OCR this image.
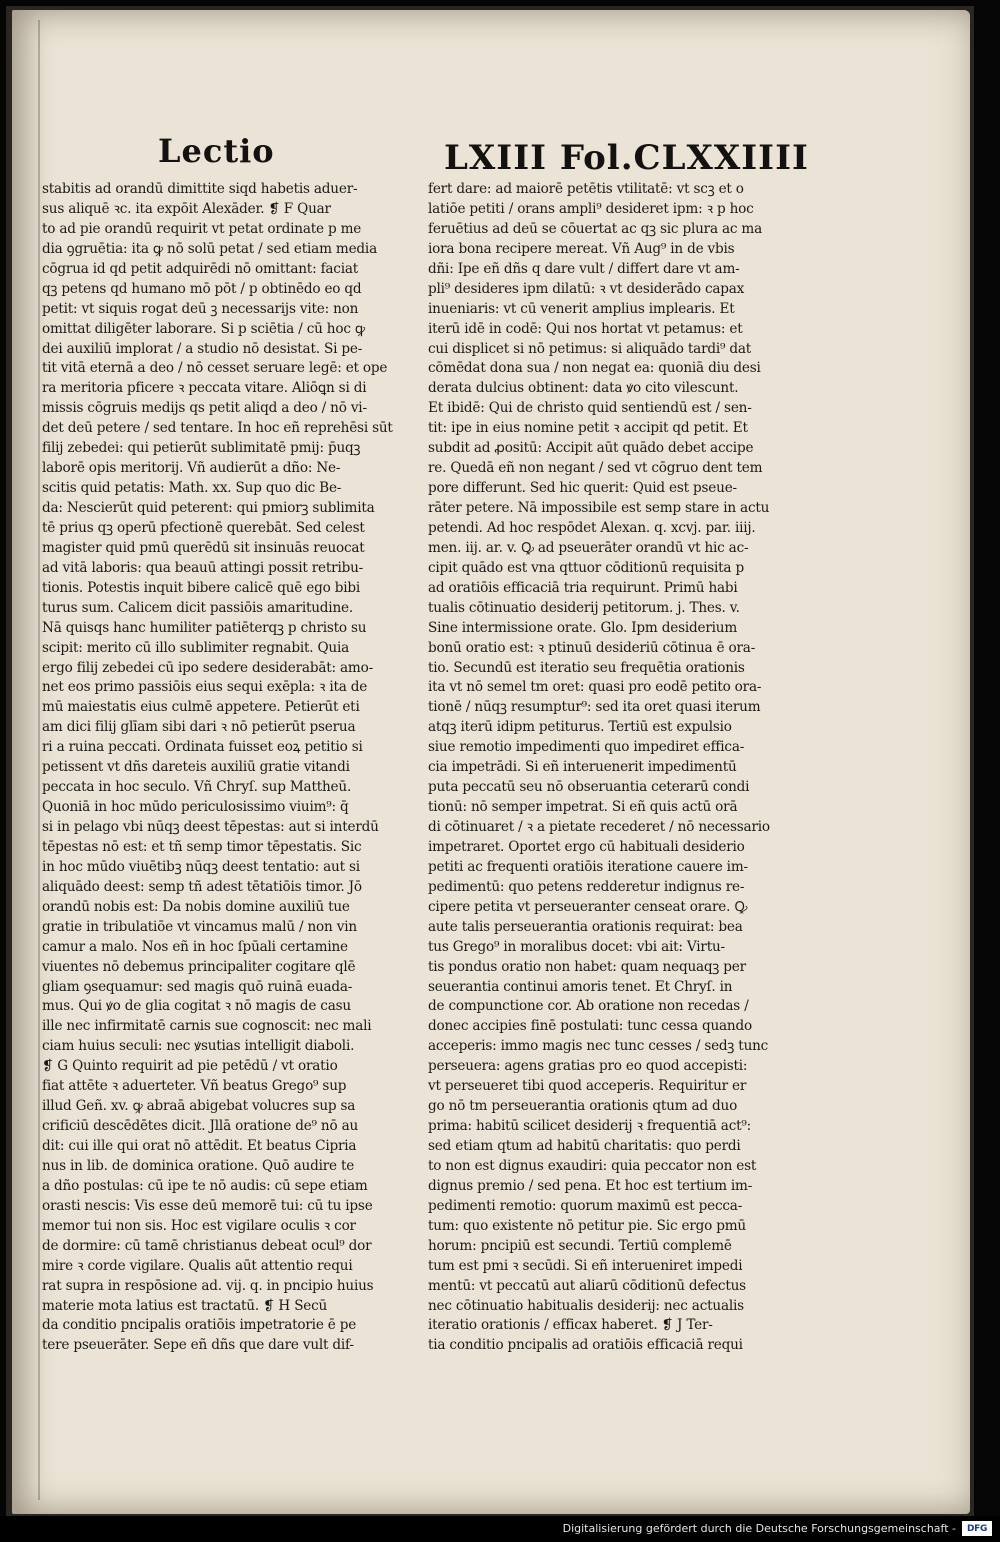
Lectio	LXIII Fol.CLXXIIII
stabitis ad orandū dimittite siqd habetis aduer-
sus aliquē ꝛc. ita expōit Alexāder. ❡ F Quar
to ad pie orandū requirit vt petat ordinate p me
dia ꝯgruētia: ita ꝙ nō solū petat / sed etiam media
cōgrua id qd petit adquirēdi nō omittant: faciat
qꝫ petens qd humano mō pōt / p obtinēdo eo qd
petit: vt siquis rogat deū ꝫ necessarijs vite: non
omittat diligēter laborare. Si p sciētia / cū hoc ꝙ
dei auxiliū implorat / a studio nō desistat. Si pe-
tit vitā eternā a deo / nō cesset seruare legē: et ope
ra meritoria pficere ꝛ peccata vitare. Aliōꝗn si di
missis cōgruis medijs qs petit aliqd a deo / nō vi-
det deū petere / sed tentare. In hoc eñ reprehēsi sūt
filij zebedei: qui petierūt sublimitatē pmij: p̄uqꝫ
laborē opis meritorij. Vñ audierūt a dño: Ne-
scitis quid petatis: Math. xx. Sup quo dic Be-
da: Nescierūt quid peterent: qui pmiorꝫ sublimita
tē prius qꝫ operū pfectionē querebāt. Sed celest
magister quid pmū querēdū sit insinuās reuocat
ad vitā laboris: qua beauū attingi possit retribu-
tionis. Potestis inquit bibere calicē quē ego bibi
turus sum. Calicem dicit passiōis amaritudine.
Nā quisqs hanc humiliter patiēterqꝫ p christo su
scipit: merito cū illo sublimiter regnabit. Quia
ergo filij zebedei cū ipo sedere desiderabāt: amo-
net eos primo passiōis eius sequi exēpla: ꝛ ita de
mū maiestatis eius culmē appetere. Petierūt eti
am dici filij glīam sibi dari ꝛ nō petierūt pserua
ri a ruina peccati. Ordinata fuisset eoꝝ petitio si
petissent vt dñs dareteis auxiliū gratie vitandi
peccata in hoc seculo. Vñ Chryſ. sup Mattheū.
Quoniā in hoc mūdo periculosissimo viuim⁹: q̄
si in pelago vbi nūqꝫ deest tēpestas: aut si interdū
tēpestas nō est: et tñ semp timor tēpestatis. Sic
in hoc mūdo viuētibꝫ nūqꝫ deest tentatio: aut si
aliquādo deest: semp tñ adest tētatiōis timor. Jō
orandū nobis est: Da nobis domine auxiliū tue
gratie in tribulatiōe vt vincamus malū / non vin
camur a malo. Nos eñ in hoc ſpūali certamine
viuentes nō debemus principaliter cogitare qlē
gliam ꝯsequamur: sed magis quō ruinā euada-
mus. Qui ꝟo de glia cogitat ꝛ nō magis de casu
ille nec infirmitatē carnis sue cognoscit: nec mali
ciam huius seculi: nec ꝟsutias intelligit diaboli.
❡ G Quinto requirit ad pie petēdū / vt oratio
fiat attēte ꝛ aduerteter. Vñ beatus Grego⁹ sup
illud Geñ. xv. ꝙ abraā abigebat volucres sup sa
crificiū descēdētes dicit. Jllā oratione de⁹ nō au
dit: cui ille qui orat nō attēdit. Et beatus Cipria
nus in lib. de dominica oratione. Quō audire te
a dño postulas: cū ipe te nō audis: cū sepe etiam
orasti nescis: Vis esse deū memorē tui: cū tu ipse
memor tui non sis. Hoc est vigilare oculis ꝛ cor
de dormire: cū tamē christianus debeat ocul⁹ dor
mire ꝛ corde vigilare. Qualis aūt attentio requi
rat supra in respōsione ad. vij. q. in pncipio huius
materie mota latius est tractatū. ❡ H Secū
da conditio pncipalis oratiōis impetratorie ē pe
tere pseuerāter. Sepe eñ dñs que dare vult dif-
fert dare: ad maiorē petētis vtilitatē: vt scꝫ et o
latiōe petiti / orans ampli⁹ desideret ipm: ꝛ p hoc
feruētius ad deū se cōuertat ac qꝫ sic plura ac ma
iora bona recipere mereat. Vñ Aug⁹ in de vbis
dñi: Ipe eñ dñs q dare vult / differt dare vt am-
pli⁹ desideres ipm dilatū: ꝛ vt desiderādo capax
inueniaris: vt cū venerit amplius implearis. Et
iterū idē in codē: Qui nos hortat vt petamus: et
cui displicet si nō petimus: si aliquādo tardi⁹ dat
cōmēdat dona sua / non negat ea: quoniā diu desi
derata dulcius obtinent: data ꝟo cito vilescunt.
Et ibidē: Qui de christo quid sentiendū est / sen-
tit: ipe in eius nomine petit ꝛ accipit qd petit. Et
subdit ad ꝓositū: Accipit aūt quādo debet accipe
re. Quedā eñ non negant / sed vt cōgruo dent tem
pore differunt. Sed hic querit: Quid est pseue-
rāter petere. Nā impossibile est semp stare in actu
petendi. Ad hoc respōdet Alexan. q. xcvj. par. iiij.
men. iij. ar. v. Ꝙ ad pseuerāter orandū vt hic ac-
cipit quādo est vna qttuor cōditionū requisita p
ad oratiōis efficaciā tria requirunt. Primū habi
tualis cōtinuatio desiderij petitorum. j. Thes. v.
Sine intermissione orate. Glo. Ipm desiderium
bonū oratio est: ꝛ ptinuū desideriū cōtinua ē ora-
tio. Secundū est iteratio seu frequētia orationis
ita vt nō semel tm oret: quasi pro eodē petito ora-
tionē / nūqꝫ resumptur⁹: sed ita oret quasi iterum
atqꝫ iterū idipm petiturus. Tertiū est expulsio
siue remotio impedimenti quo impediret effica-
cia impetrādi. Si eñ interuenerit impedimentū
puta peccatū seu nō obseruantia ceterarū condi
tionū: nō semper impetrat. Si eñ quis actū orā
di cōtinuaret / ꝛ a pietate recederet / nō necessario
impetraret. Oportet ergo cū habituali desiderio
petiti ac frequenti oratiōis iteratione cauere im-
pedimentū: quo petens redderetur indignus re-
cipere petita vt perseueranter censeat orare. Ꝙ
aute talis perseuerantia orationis requirat: bea
tus Grego⁹ in moralibus docet: vbi ait: Virtu-
tis pondus oratio non habet: quam nequaqꝫ per
seuerantia continui amoris tenet. Et Chryſ. in
de compunctione cor. Ab oratione non recedas /
donec accipies finē postulati: tunc cessa quando
acceperis: immo magis nec tunc cesses / sedꝫ tunc
perseuera: agens gratias pro eo quod accepisti:
vt perseueret tibi quod acceperis. Requiritur er
go nō tm perseuerantia orationis qtum ad duo
prima: habitū scilicet desiderij ꝛ frequentiā act⁹:
sed etiam qtum ad habitū charitatis: quo perdi
to non est dignus exaudiri: quia peccator non est
dignus premio / sed pena. Et hoc est tertium im-
pedimenti remotio: quorum maximū est pecca-
tum: quo existente nō petitur pie. Sic ergo pmū
horum: pncipiū est secundi. Tertiū complemē
tum est pmi ꝛ secūdi. Si eñ interueniret impedi
mentū: vt peccatū aut aliarū cōditionū defectus
nec cōtinuatio habitualis desiderij: nec actualis
iteratio orationis / efficax haberet. ❡ J Ter-
tia conditio pncipalis ad oratiōis efficaciā requi
Digitalisierung gefördert durch die Deutsche Forschungsgemeinschaft - DFG
